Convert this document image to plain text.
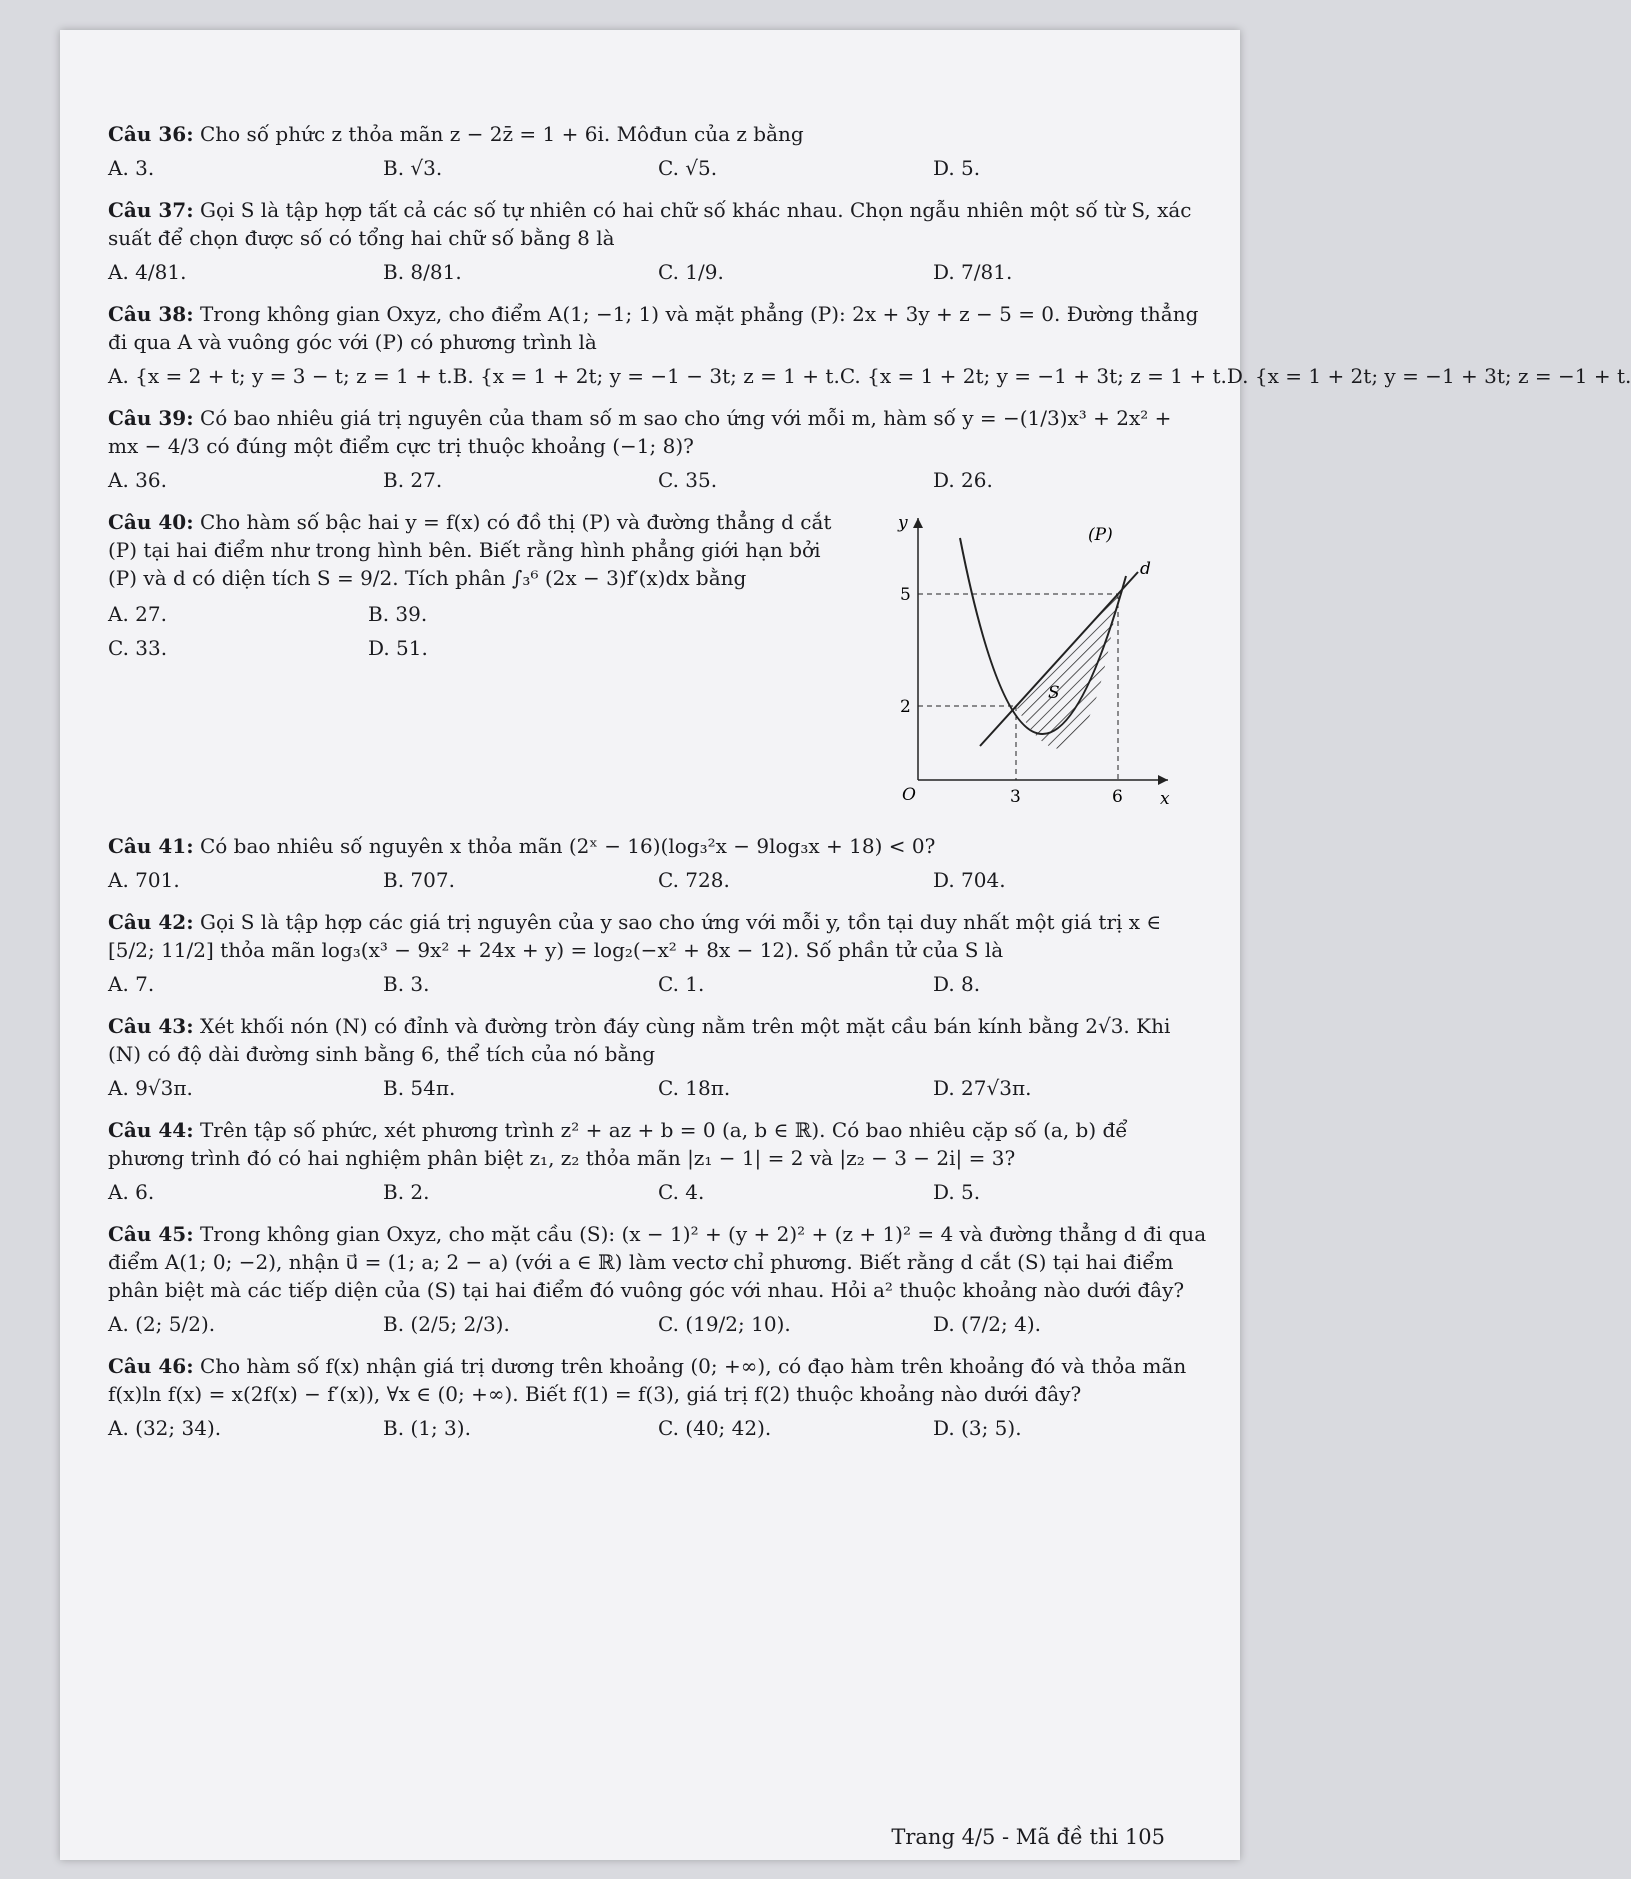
Câu 36: Cho số phức z thỏa mãn z − 2z̄ = 1 + 6i. Môđun của z bằng
A. 3.	B. √3.	C. √5.	D. 5.
Câu 37: Gọi S là tập hợp tất cả các số tự nhiên có hai chữ số khác nhau. Chọn ngẫu nhiên một số từ S, xác suất để chọn được số có tổng hai chữ số bằng 8 là
A. 4/81.	B. 8/81.	C. 1/9.	D. 7/81.
Câu 38: Trong không gian Oxyz, cho điểm A(1; −1; 1) và mặt phẳng (P): 2x + 3y + z − 5 = 0. Đường thẳng đi qua A và vuông góc với (P) có phương trình là
A. {x = 2 + t; y = 3 − t; z = 1 + t. B. {x = 1 + 2t; y = −1 − 3t; z = 1 + t. C. {x = 1 + 2t; y = −1 + 3t; z = 1 + t. D. {x = 1 + 2t; y = −1 + 3t; z = −1 + t.
Câu 39: Có bao nhiêu giá trị nguyên của tham số m sao cho ứng với mỗi m, hàm số y = −(1/3)x³ + 2x² + mx − 4/3 có đúng một điểm cực trị thuộc khoảng (−1; 8)?
A. 36.	B. 27.	C. 35.	D. 26.
Câu 40: Cho hàm số bậc hai y = f(x) có đồ thị (P) và đường thẳng d cắt (P) tại hai điểm như trong hình bên. Biết rằng hình phẳng giới hạn bởi (P) và d có diện tích S = 9/2. Tích phân ∫₃⁶ (2x − 3)f′(x)dx bằng
A. 27.	B. 39.
C. 33.	D. 51.
y
x
O	3	6
2
5
(P)
d
S
Câu 41: Có bao nhiêu số nguyên x thỏa mãn (2ˣ − 16)(log₃²x − 9log₃x + 18) < 0?
A. 701.	B. 707.	C. 728.	D. 704.
Câu 42: Gọi S là tập hợp các giá trị nguyên của y sao cho ứng với mỗi y, tồn tại duy nhất một giá trị x ∈ [5/2; 11/2] thỏa mãn log₃(x³ − 9x² + 24x + y) = log₂(−x² + 8x − 12). Số phần tử của S là
A. 7.	B. 3.	C. 1.	D. 8.
Câu 43: Xét khối nón (N) có đỉnh và đường tròn đáy cùng nằm trên một mặt cầu bán kính bằng 2√3. Khi (N) có độ dài đường sinh bằng 6, thể tích của nó bằng
A. 9√3π.	B. 54π.	C. 18π.	D. 27√3π.
Câu 44: Trên tập số phức, xét phương trình z² + az + b = 0 (a, b ∈ ℝ). Có bao nhiêu cặp số (a, b) để phương trình đó có hai nghiệm phân biệt z₁, z₂ thỏa mãn |z₁ − 1| = 2 và |z₂ − 3 − 2i| = 3?
A. 6.	B. 2.	C. 4.	D. 5.
Câu 45: Trong không gian Oxyz, cho mặt cầu (S): (x − 1)² + (y + 2)² + (z + 1)² = 4 và đường thẳng d đi qua điểm A(1; 0; −2), nhận u⃗ = (1; a; 2 − a) (với a ∈ ℝ) làm vectơ chỉ phương. Biết rằng d cắt (S) tại hai điểm phân biệt mà các tiếp diện của (S) tại hai điểm đó vuông góc với nhau. Hỏi a² thuộc khoảng nào dưới đây?
A. (2; 5/2).	B. (2/5; 2/3).	C. (19/2; 10).	D. (7/2; 4).
Câu 46: Cho hàm số f(x) nhận giá trị dương trên khoảng (0; +∞), có đạo hàm trên khoảng đó và thỏa mãn f(x)ln f(x) = x(2f(x) − f′(x)), ∀x ∈ (0; +∞). Biết f(1) = f(3), giá trị f(2) thuộc khoảng nào dưới đây?
A. (32; 34).	B. (1; 3).	C. (40; 42).	D. (3; 5).
Trang 4/5 - Mã đề thi 105
